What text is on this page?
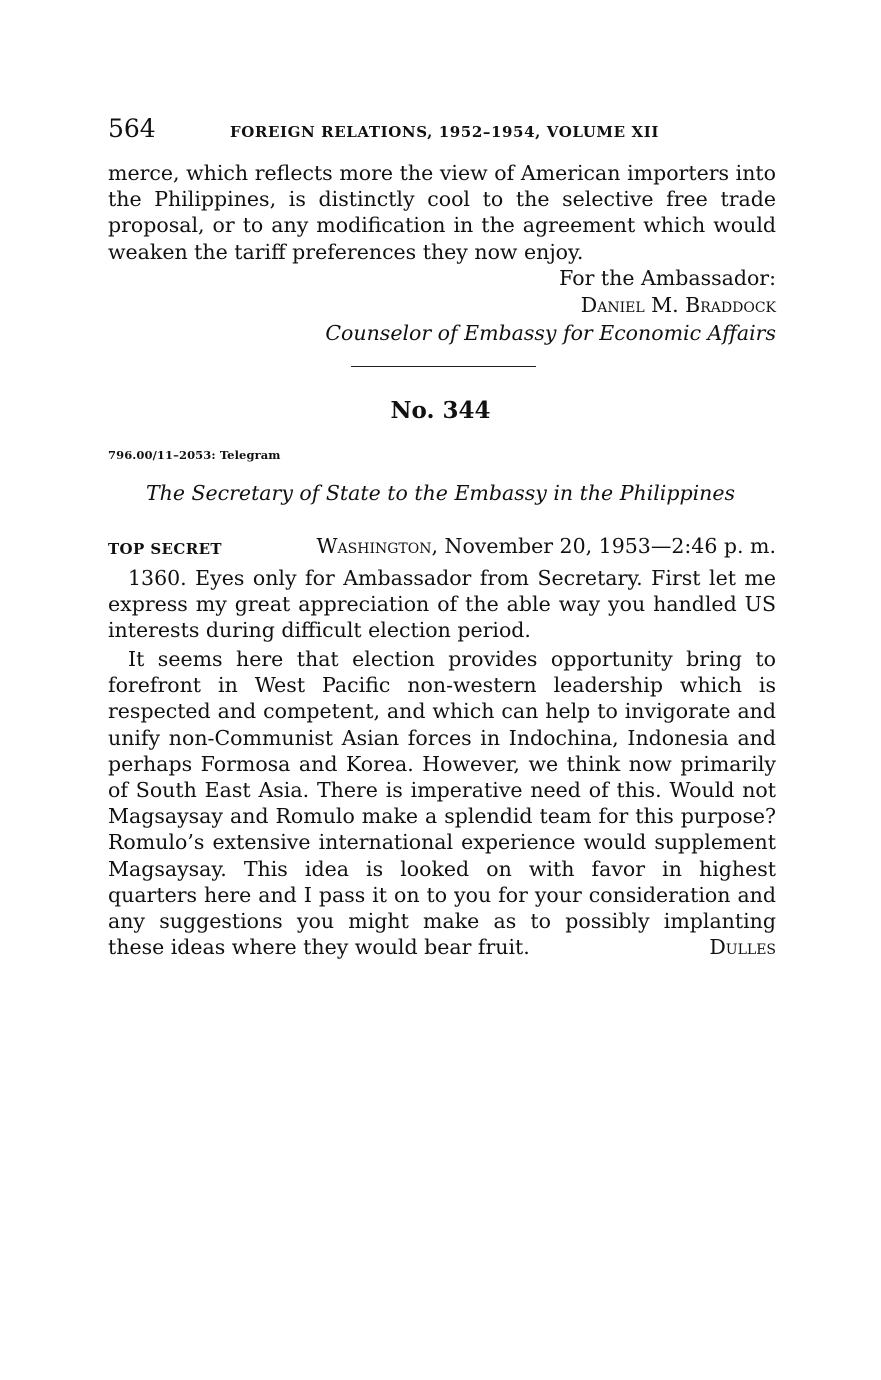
564	FOREIGN RELATIONS, 1952–1954, VOLUME XII
merce, which reflects more the view of American importers into the Philippines, is distinctly cool to the selective free trade proposal, or to any modification in the agreement which would weaken the tariff preferences they now enjoy.
For the Ambassador:
Daniel M. Braddock
Counselor of Embassy for Economic Affairs
No. 344
796.00/11–2053: Telegram
The Secretary of State to the Embassy in the Philippines
TOP SECRET	Washington, November 20, 1953—2:46 p. m.
1360. Eyes only for Ambassador from Secretary. First let me express my great appreciation of the able way you handled US interests during difficult election period.
It seems here that election provides opportunity bring to forefront in West Pacific non-western leadership which is respected and competent, and which can help to invigorate and unify non-Communist Asian forces in Indochina, Indonesia and perhaps Formosa and Korea. However, we think now primarily of South East Asia. There is imperative need of this. Would not Magsaysay and Romulo make a splendid team for this purpose? Romulo’s extensive international experience would supplement Magsaysay. This idea is looked on with favor in highest quarters here and I pass it on to you for your consideration and any suggestions you might make as to possibly implanting these ideas where they would bear fruit.	Dulles
